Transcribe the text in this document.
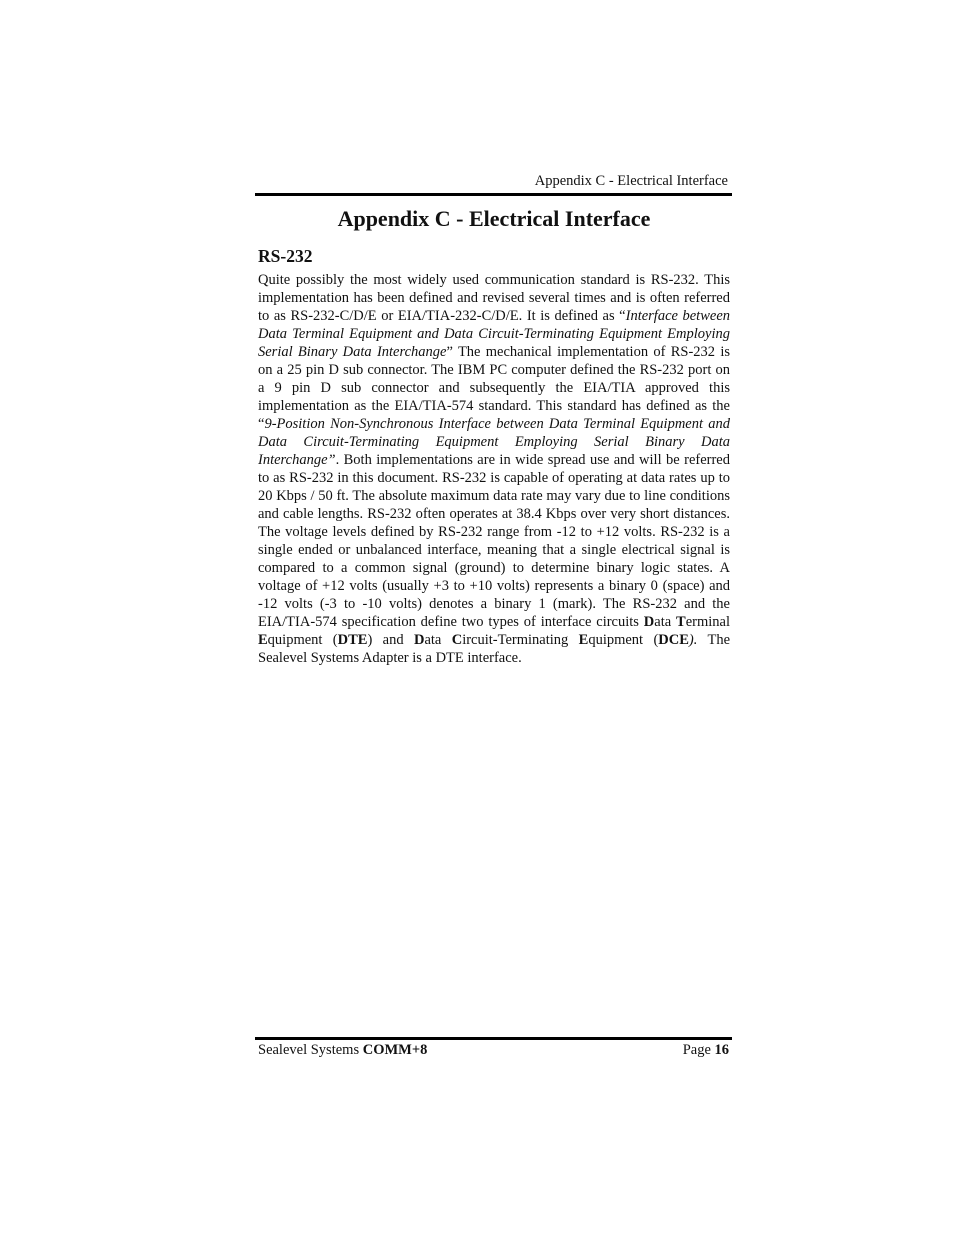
Appendix C - Electrical Interface
Appendix C - Electrical Interface
RS-232

Quite possibly the most widely used communication standard is RS-232. This implementation has been defined and revised several times and is often referred to as RS-232-C/D/E or EIA/TIA-232-C/D/E. It is defined as “Interface between Data Terminal Equipment and Data Circuit-Terminating Equipment Employing Serial Binary Data Interchange” The mechanical implementation of RS-232 is on a 25 pin D sub connector. The IBM PC computer defined the RS-232 port on a 9 pin D sub connector and subsequently the EIA/TIA approved this implementation as the EIA/TIA-574 standard. This standard has defined as the “9-Position Non-Synchronous Interface between Data Terminal Equipment and Data Circuit-Terminating Equipment Employing Serial Binary Data Interchange”. Both implementations are in wide spread use and will be referred to as RS-232 in this document. RS-232 is capable of operating at data rates up to 20 Kbps / 50 ft. The absolute maximum data rate may vary due to line conditions and cable lengths. RS-232 often operates at 38.4 Kbps over very short distances. The voltage levels defined by RS-232 range from -12 to +12 volts. RS-232 is a single ended or unbalanced interface, meaning that a single electrical signal is compared to a common signal (ground) to determine binary logic states. A voltage of +12 volts (usually +3 to +10 volts) represents a binary 0 (space) and -12 volts (-3 to -10 volts) denotes a binary 1 (mark). The RS-232 and the EIA/TIA-574 specification define two types of interface circuits Data Terminal Equipment (DTE) and Data Circuit-Terminating Equipment (DCE). The Sealevel Systems Adapter is a DTE interface.

Sealevel Systems COMM+8	Page 16
